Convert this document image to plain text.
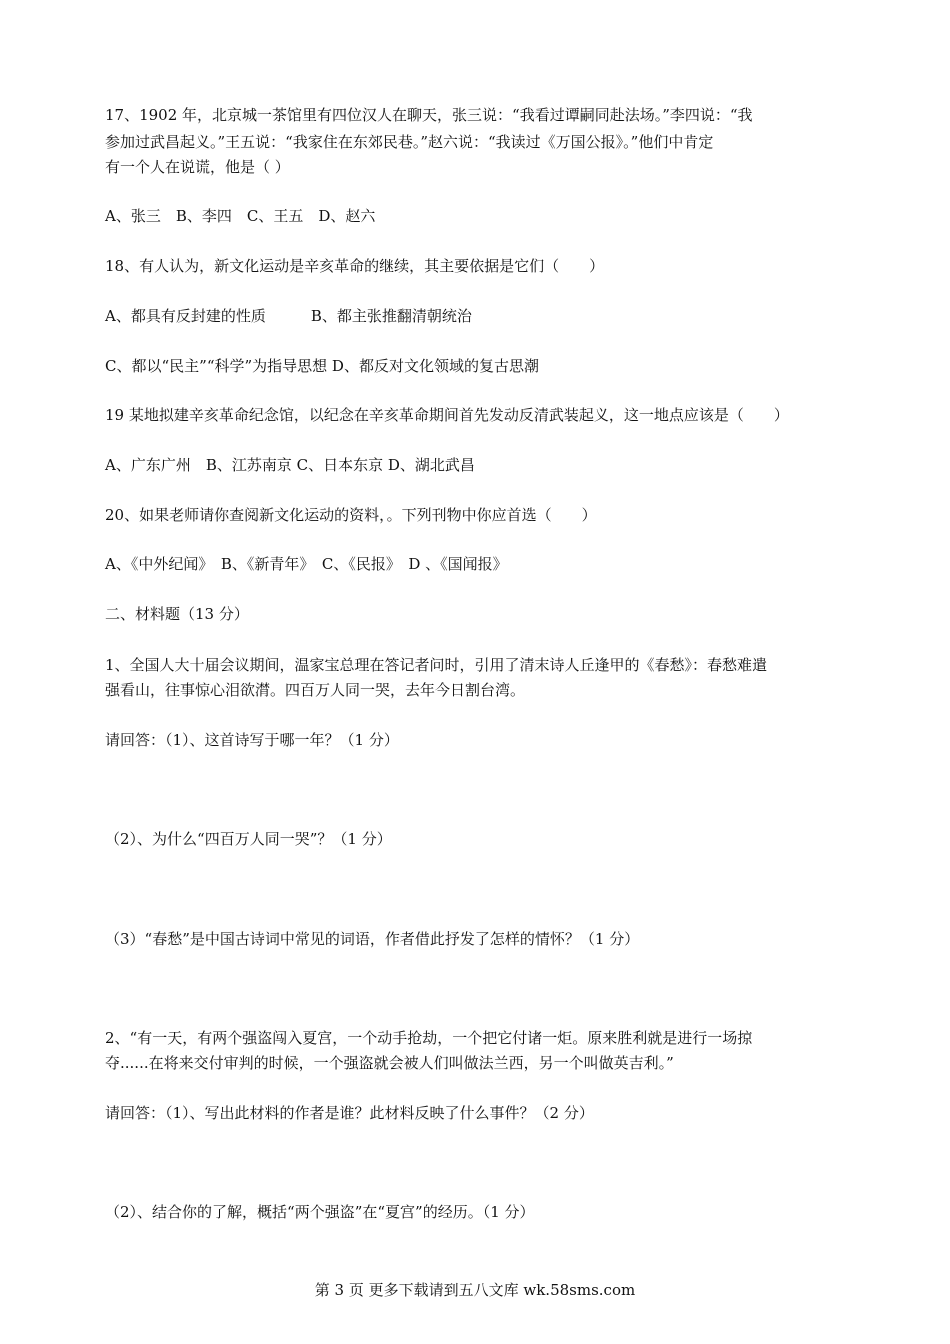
17、1902 年，北京城一茶馆里有四位汉人在聊天，张三说：“我看过谭嗣同赴法场。”李四说：“我
参加过武昌起义。”王五说：“我家住在东郊民巷。”赵六说：“我读过《万国公报》。”他们中肯定
有一个人在说谎，他是（ ）
A、张三　B、李四　C、王五　D、赵六
18、有人认为，新文化运动是辛亥革命的继续，其主要依据是它们（　　）
A、都具有反封建的性质　　　B、都主张推翻清朝统治
C、都以“民主”“科学”为指导思想 D、都反对文化领域的复古思潮
19 某地拟建辛亥革命纪念馆，以纪念在辛亥革命期间首先发动反清武装起义，这一地点应该是（　　）
A、广东广州　B、江苏南京 C、日本东京 D、湖北武昌
20、如果老师请你查阅新文化运动的资料，。下列刊物中你应首选（　　）
A、《中外纪闻》　B、《新青年》　C、《民报》　D 、《国闻报》
二、材料题（13 分）
1、全国人大十届会议期间，温家宝总理在答记者问时，引用了清末诗人丘逢甲的《春愁》：春愁难遣
强看山，往事惊心泪欲潸。四百万人同一哭，去年今日割台湾。
请回答：（1）、这首诗写于哪一年？（1 分）
（2）、为什么“四百万人同一哭”？（1 分）
（3）“春愁”是中国古诗词中常见的词语，作者借此抒发了怎样的情怀？（1 分）
2、“有一天，有两个强盗闯入夏宫，一个动手抢劫，一个把它付诸一炬。原来胜利就是进行一场掠
夺......在将来交付审判的时候，一个强盗就会被人们叫做法兰西，另一个叫做英吉利。”
请回答：（1）、写出此材料的作者是谁？此材料反映了什么事件？（2 分）
（2）、结合你的了解，概括“两个强盗”在“夏宫”的经历。（1 分）
第 3 页 更多下载请到五八文库 wk.58sms.com
